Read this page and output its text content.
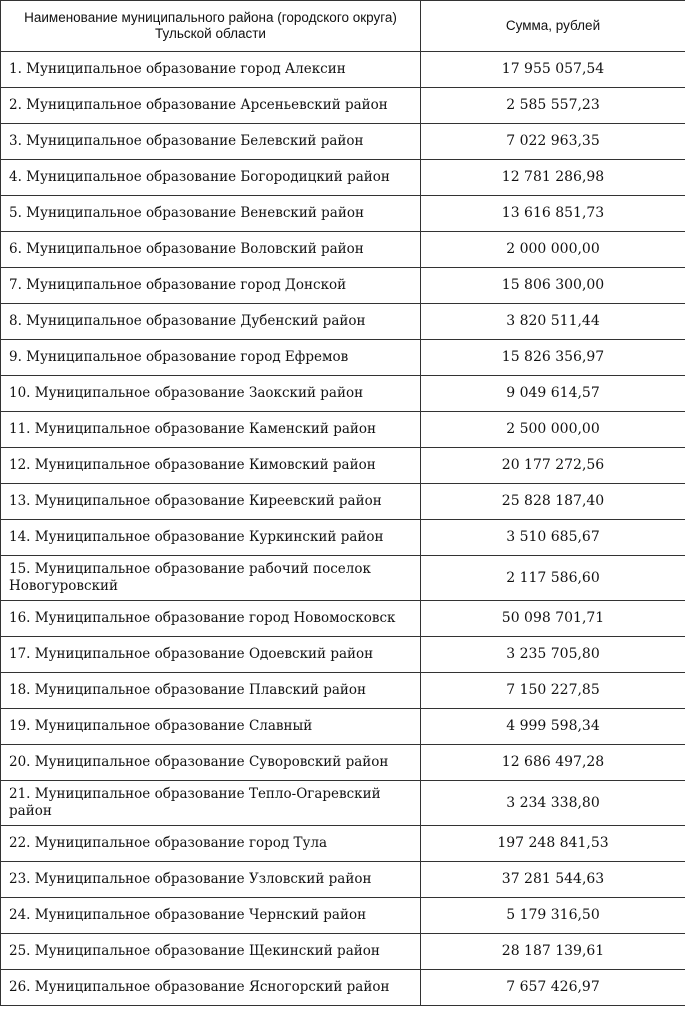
Наименование муниципального района (городского округа) Тульской области	Сумма, рублей
1. Муниципальное образование город Алексин	17 955 057,54
2. Муниципальное образование Арсеньевский район	2 585 557,23
3. Муниципальное образование Белевский район	7 022 963,35
4. Муниципальное образование Богородицкий район	12 781 286,98
5. Муниципальное образование Веневский район	13 616 851,73
6. Муниципальное образование Воловский район	2 000 000,00
7. Муниципальное образование город Донской	15 806 300,00
8. Муниципальное образование Дубенский район	3 820 511,44
9. Муниципальное образование город Ефремов	15 826 356,97
10. Муниципальное образование Заокский район	9 049 614,57
11. Муниципальное образование Каменский район	2 500 000,00
12. Муниципальное образование Кимовский район	20 177 272,56
13. Муниципальное образование Киреевский район	25 828 187,40
14. Муниципальное образование Куркинский район	3 510 685,67
15. Муниципальное образование рабочий поселок Новогуровский	2 117 586,60
16. Муниципальное образование город Новомосковск	50 098 701,71
17. Муниципальное образование Одоевский район	3 235 705,80
18. Муниципальное образование Плавский район	7 150 227,85
19. Муниципальное образование Славный	4 999 598,34
20. Муниципальное образование Суворовский район	12 686 497,28
21. Муниципальное образование Тепло-Огаревский район	3 234 338,80
22. Муниципальное образование город Тула	197 248 841,53
23. Муниципальное образование Узловский район	37 281 544,63
24. Муниципальное образование Чернский район	5 179 316,50
25. Муниципальное образование Щекинский район	28 187 139,61
26. Муниципальное образование Ясногорский район	7 657 426,97
